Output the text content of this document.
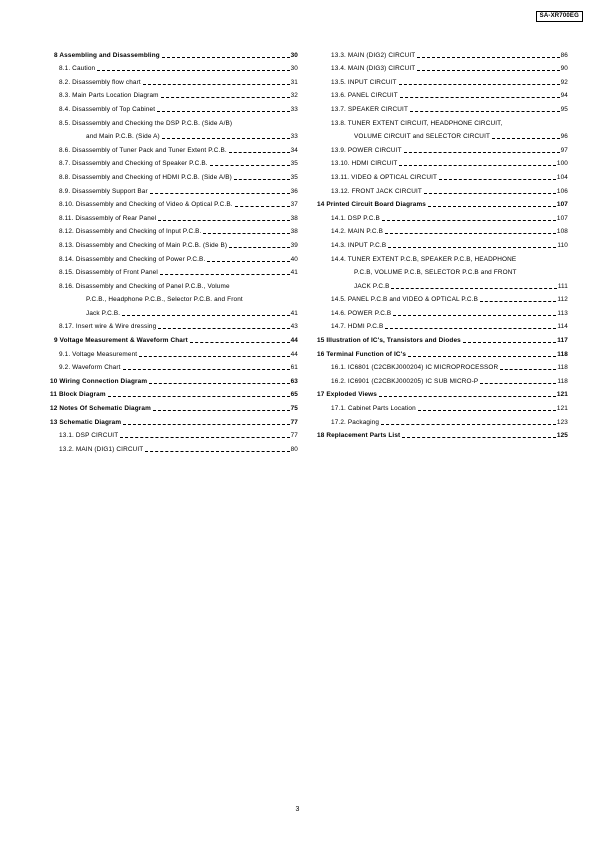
SA-XR700EG
8 Assembling and Disassembling	30
8.1. Caution	30
8.2. Disassembly flow chart	31
8.3. Main Parts Location Diagram	32
8.4. Disassembly of Top Cabinet	33
8.5. Disassembly and Checking the DSP P.C.B. (Side A/B)
and Main P.C.B. (Side A)	33
8.6. Disassembly of Tuner Pack and Tuner Extent P.C.B.	34
8.7. Disassembly and Checking of Speaker P.C.B.	35
8.8. Disassembly and Checking of HDMI P.C.B. (Side A/B)	35
8.9. Disassembly Support Bar	36
8.10. Disassembly and Checking of Video & Optical P.C.B.	37
8.11. Disassembly of Rear Panel	38
8.12. Disassembly and Checking of Input P.C.B.	38
8.13. Disassembly and Checking of Main P.C.B. (Side B)	39
8.14. Disassembly and Checking of Power P.C.B.	40
8.15. Disassembly of Front Panel	41
8.16. Disassembly and Checking of Panel P.C.B., Volume
P.C.B., Headphone P.C.B., Selector P.C.B. and Front
Jack P.C.B.	41
8.17. Insert wire & Wire dressing	43
9 Voltage Measurement & Waveform Chart	44
9.1. Voltage Measurement	44
9.2. Waveform Chart	61
10 Wiring Connection Diagram	63
11 Block Diagram	65
12 Notes Of Schematic Diagram	75
13 Schematic Diagram	77
13.1. DSP CIRCUIT	77
13.2. MAIN (DIG1) CIRCUIT	80
13.3. MAIN (DIG2) CIRCUIT	86
13.4. MAIN (DIG3) CIRCUIT	90
13.5. INPUT CIRCUIT	92
13.6. PANEL CIRCUIT	94
13.7. SPEAKER CIRCUIT	95
13.8. TUNER EXTENT CIRCUIT, HEADPHONE CIRCUIT,
VOLUME CIRCUIT and SELECTOR CIRCUIT	96
13.9. POWER CIRCUIT	97
13.10. HDMI CIRCUIT	100
13.11. VIDEO & OPTICAL CIRCUIT	104
13.12. FRONT JACK CIRCUIT	106
14 Printed Circuit Board Diagrams	107
14.1. DSP P.C.B	107
14.2. MAIN P.C.B	108
14.3. INPUT P.C.B	110
14.4. TUNER EXTENT P.C.B, SPEAKER P.C.B, HEADPHONE
P.C.B, VOLUME P.C.B, SELECTOR P.C.B and FRONT
JACK P.C.B	111
14.5. PANEL P.C.B and VIDEO & OPTICAL P.C.B	112
14.6. POWER P.C.B	113
14.7. HDMI P.C.B	114
15 Illustration of IC's, Transistors and Diodes	117
16 Terminal Function of IC's	118
16.1. IC6801 (C2CBKJ000204) IC MICROPROCESSOR	118
16.2. IC6901 (C2CBKJ000205) IC SUB MICRO-P	118
17 Exploded Views	121
17.1. Cabinet Parts Location	121
17.2. Packaging	123
18 Replacement Parts List	125
3
